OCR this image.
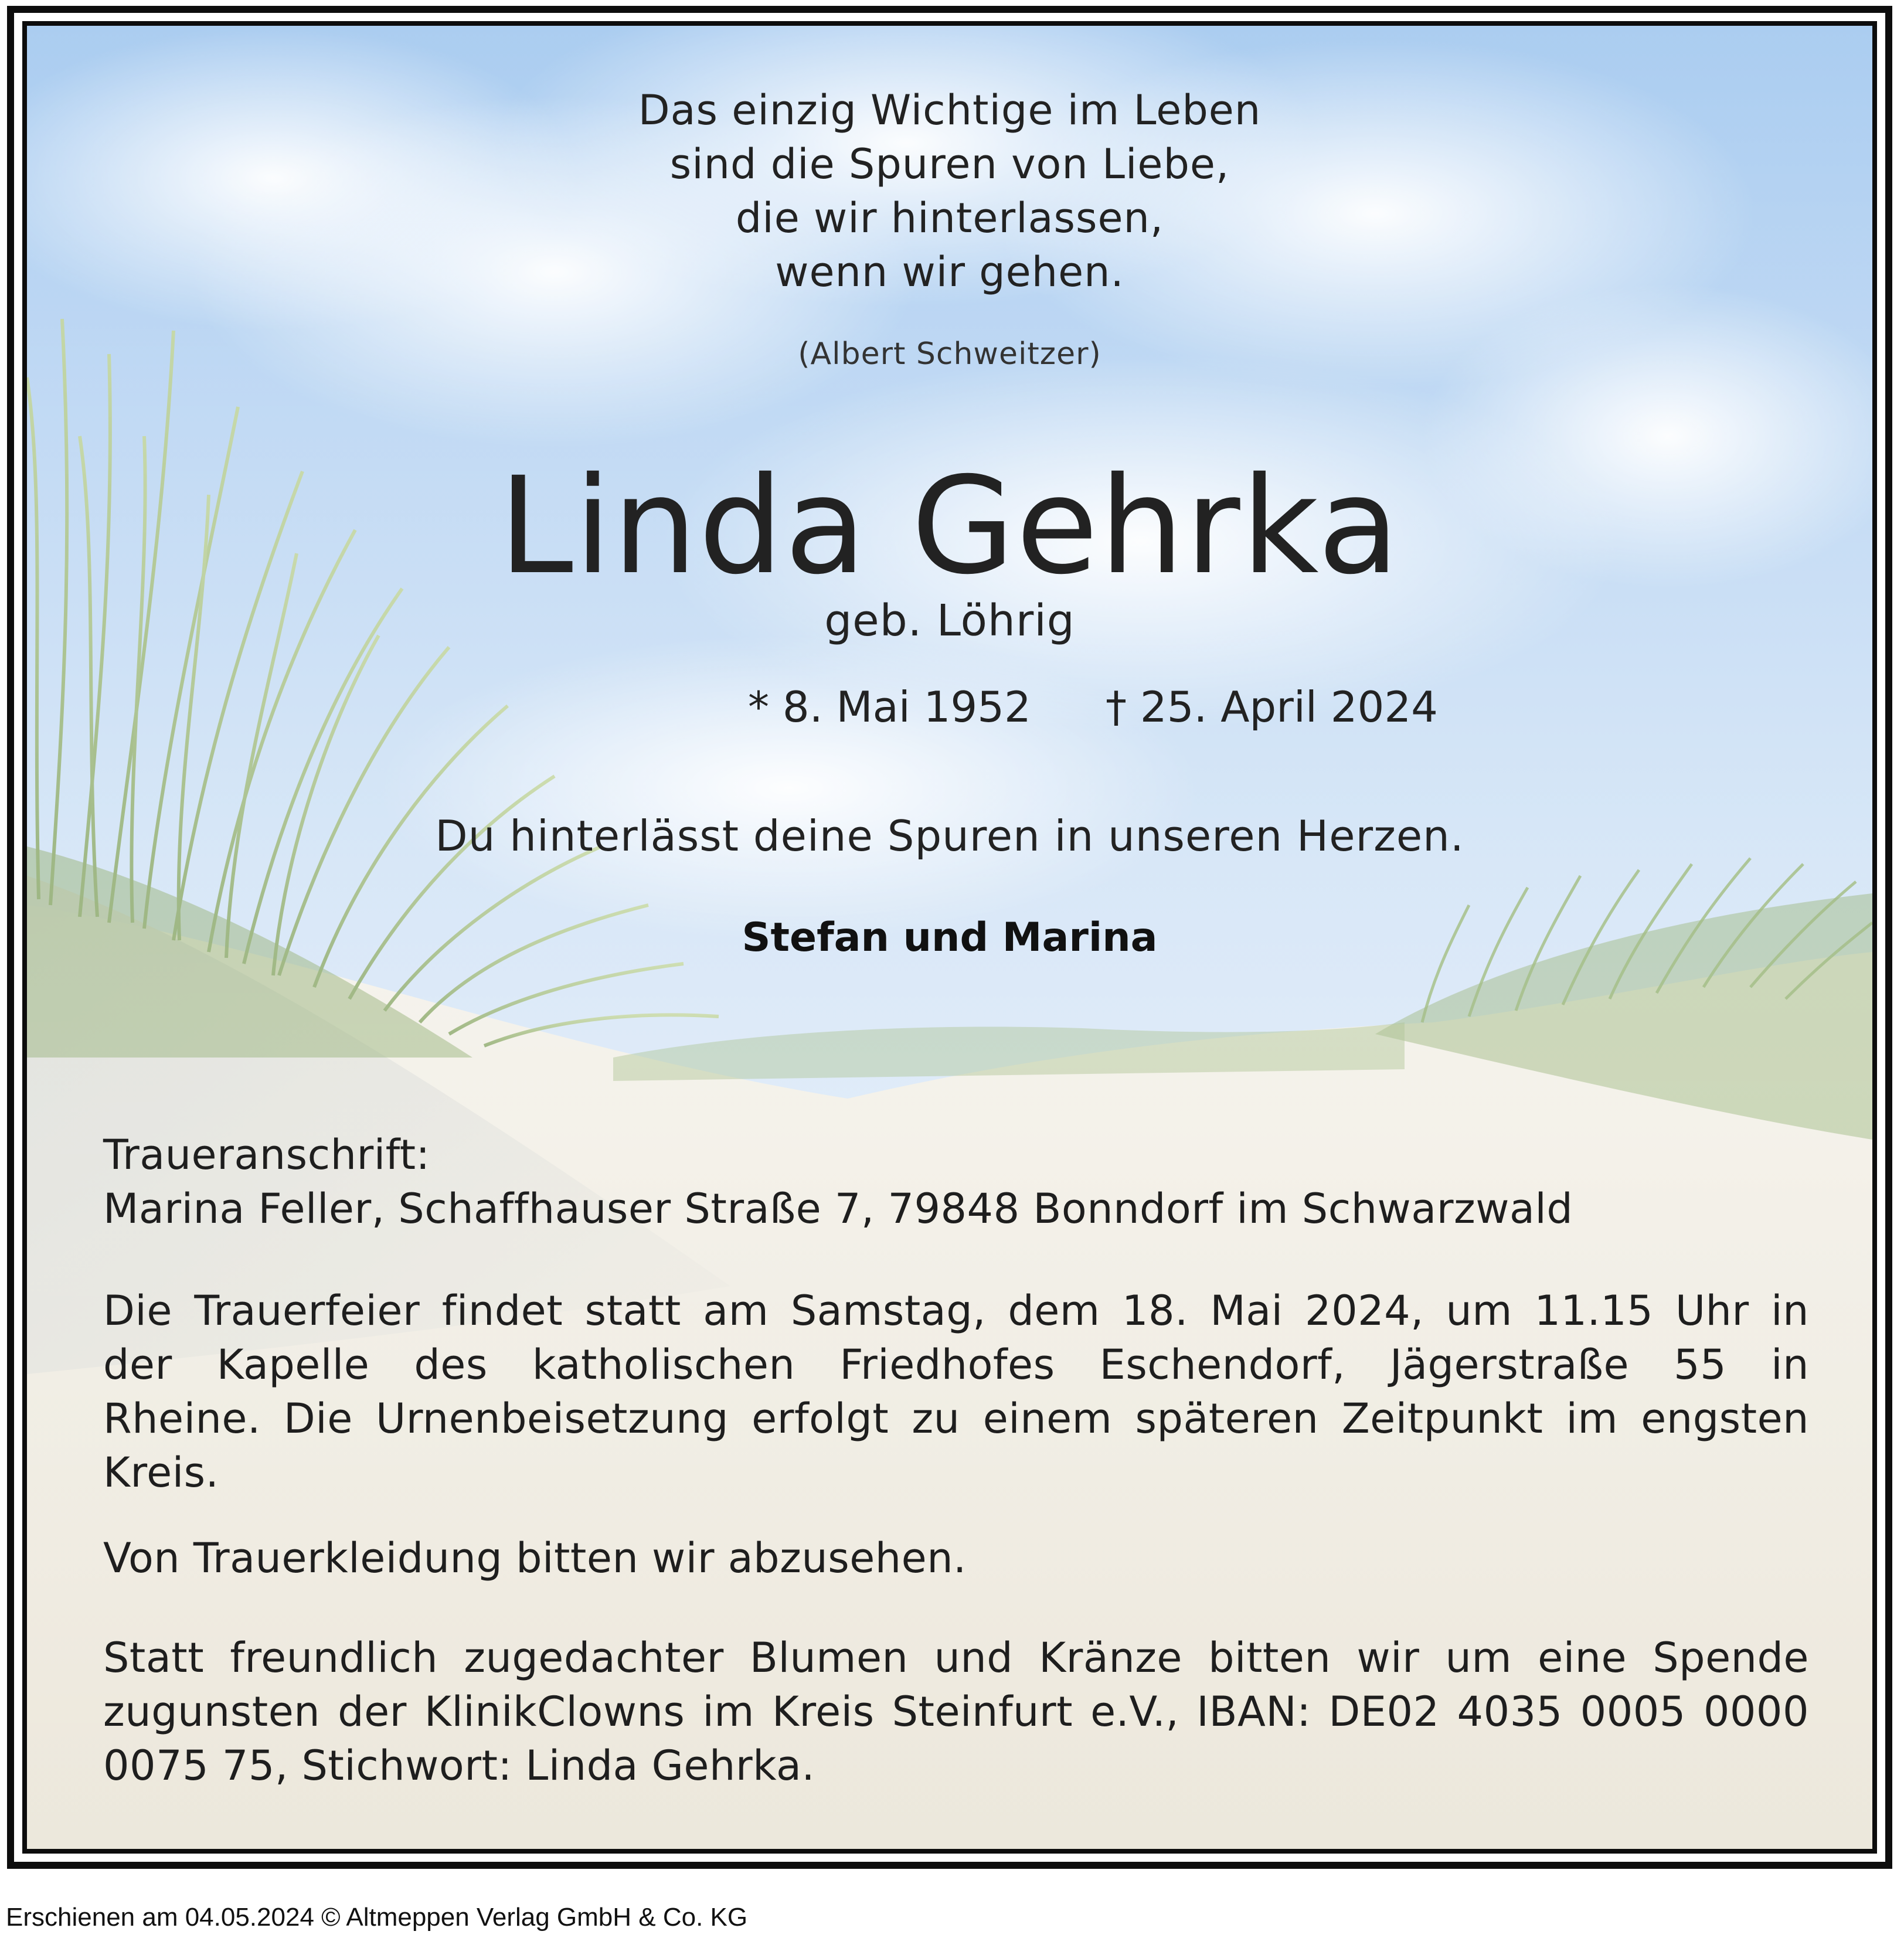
Das einzig Wichtige im Leben
sind die Spuren von Liebe,
die wir hinterlassen,
wenn wir gehen.
(Albert Schweitzer)
Linda Gehrka
geb. Löhrig
* 8. Mai 1952 † 25. April 2024
Du hinterlässt deine Spuren in unseren Herzen.
Stefan und Marina
Traueranschrift:
Marina Feller, Schaffhauser Straße 7, 79848 Bonndorf im Schwarzwald
Die Trauerfeier findet statt am Samstag, dem 18. Mai 2024, um 11.15 Uhr in
der Kapelle des katholischen Friedhofes Eschendorf, Jägerstraße 55 in
Rheine. Die Urnenbeisetzung erfolgt zu einem späteren Zeitpunkt im engsten
Kreis.
Von Trauerkleidung bitten wir abzusehen.
Statt freundlich zugedachter Blumen und Kränze bitten wir um eine Spende
zugunsten der KlinikClowns im Kreis Steinfurt e.V., IBAN: DE02 4035 0005 0000
0075 75, Stichwort: Linda Gehrka.
Erschienen am 04.05.2024 © Altmeppen Verlag GmbH & Co. KG
